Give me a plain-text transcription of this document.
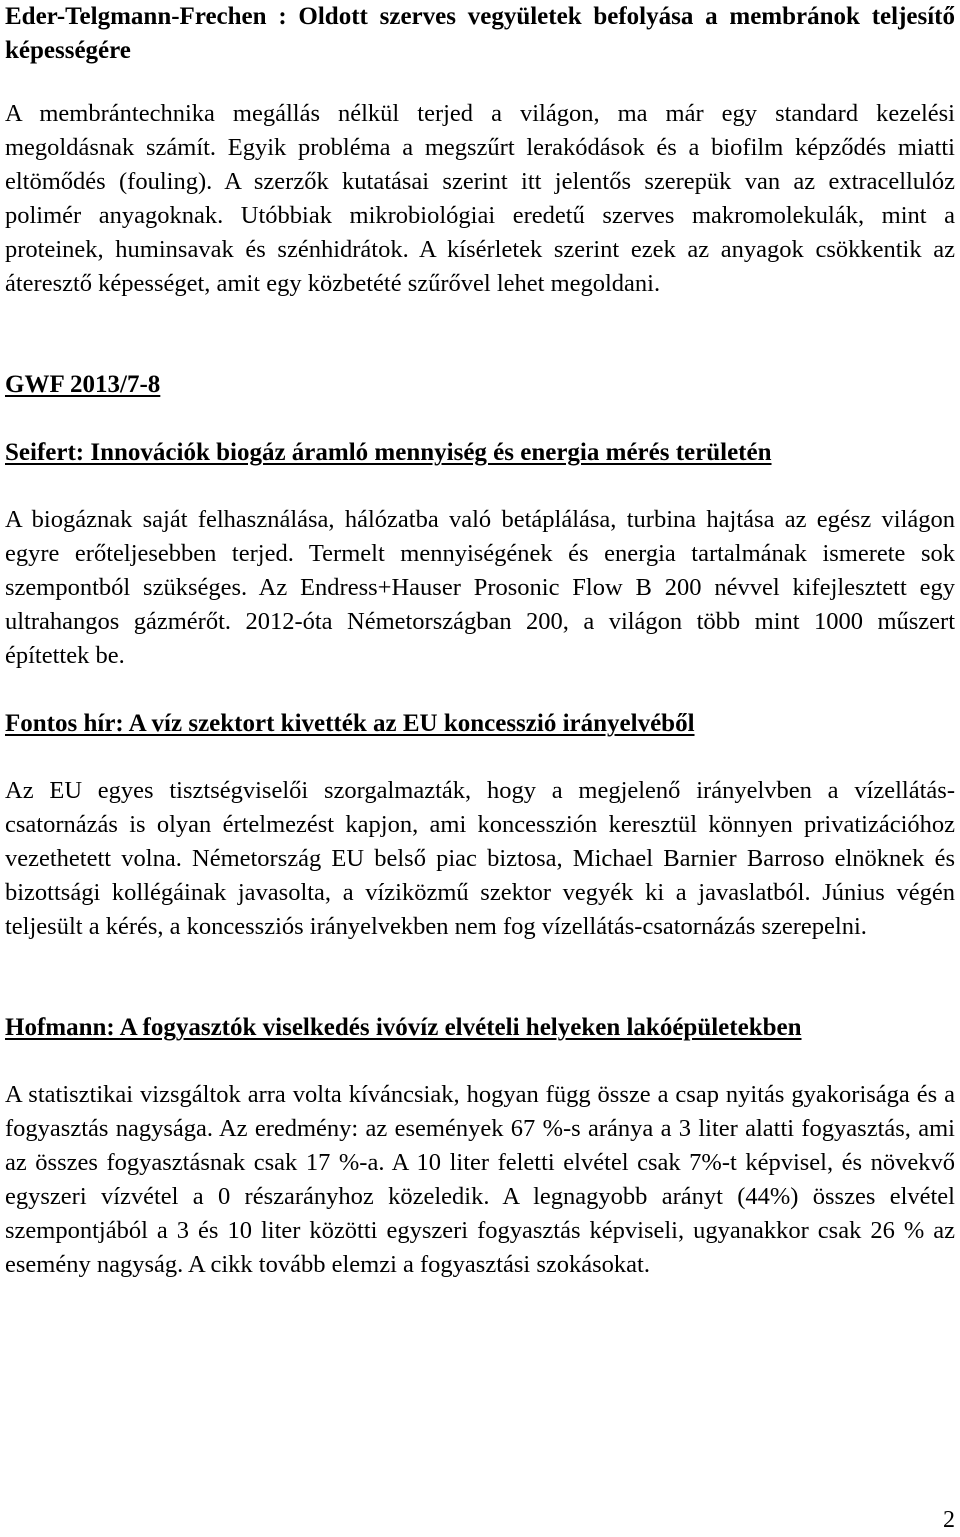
Eder-Telgmann-Frechen : Oldott szerves vegyületek befolyása a membránok teljesítő képességére

A membrántechnika megállás nélkül terjed a világon, ma már egy standard kezelési megoldásnak számít. Egyik probléma a megszűrt lerakódások és a biofilm képződés miatti eltömődés (fouling). A szerzők kutatásai szerint itt jelentős szerepük van az extracellulóz polimér anyagoknak. Utóbbiak mikrobiológiai eredetű szerves makromolekulák, mint a proteinek, huminsavak és szénhidrátok. A kísérletek szerint ezek az anyagok csökkentik az áteresztő képességet, amit egy közbetété szűrővel lehet megoldani.

GWF 2013/7-8

Seifert: Innovációk biogáz áramló mennyiség és energia mérés területén

A biogáznak saját felhasználása, hálózatba való betáplálása, turbina hajtása az egész világon egyre erőteljesebben terjed. Termelt mennyiségének és energia tartalmának ismerete sok szempontból szükséges. Az Endress+Hauser Prosonic Flow B 200 névvel kifejlesztett egy ultrahangos gázmérőt. 2012-óta Németországban 200, a világon több mint 1000 műszert építettek be.

Fontos hír: A víz szektort kivették az EU koncesszió irányelvéből

Az EU egyes tisztségviselői szorgalmazták, hogy a megjelenő irányelvben a vízellátás-csatornázás is olyan értelmezést kapjon, ami koncesszión keresztül könnyen privatizációhoz vezethetett volna. Németország EU belső piac biztosa, Michael Barnier Barroso elnöknek és bizottsági kollégáinak javasolta, a víziközmű szektor vegyék ki a javaslatból. Június végén teljesült a kérés, a koncessziós irányelvekben nem fog vízellátás-csatornázás szerepelni.

Hofmann: A fogyasztók viselkedés ivóvíz elvételi helyeken lakóépületekben

A statisztikai vizsgáltok arra volta kíváncsiak, hogyan függ össze a csap nyitás gyakorisága és a fogyasztás nagysága. Az eredmény: az események 67 %-s aránya a 3 liter alatti fogyasztás, ami az összes fogyasztásnak csak 17 %-a. A 10 liter feletti elvétel csak 7%-t képvisel, és növekvő egyszeri vízvétel a 0 részarányhoz közeledik. A legnagyobb arányt (44%) összes elvétel szempontjából a 3 és 10 liter közötti egyszeri fogyasztás képviseli, ugyanakkor csak 26 % az esemény nagyság. A cikk tovább elemzi a fogyasztási szokásokat.

2
